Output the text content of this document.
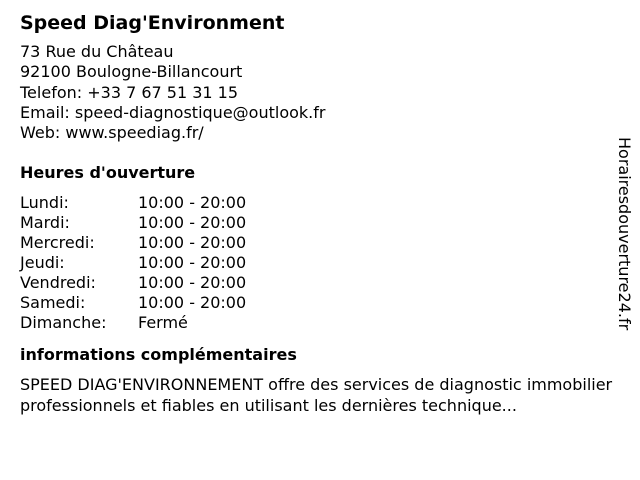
Speed Diag'Environment
73 Rue du Château
92100 Boulogne-Billancourt
Telefon: +33 7 67 51 31 15
Email: speed-diagnostique@outlook.fr
Web: www.speediag.fr/
Heures d'ouverture
Lundi:	10:00 - 20:00
Mardi:	10:00 - 20:00
Mercredi:	10:00 - 20:00
Jeudi:	10:00 - 20:00
Vendredi:	10:00 - 20:00
Samedi:	10:00 - 20:00
Dimanche:	Fermé
informations complémentaires
SPEED DIAG'ENVIRONNEMENT offre des services de diagnostic immobilier professionnels et fiables en utilisant les dernières technique...
Horairesdouverture24.fr
